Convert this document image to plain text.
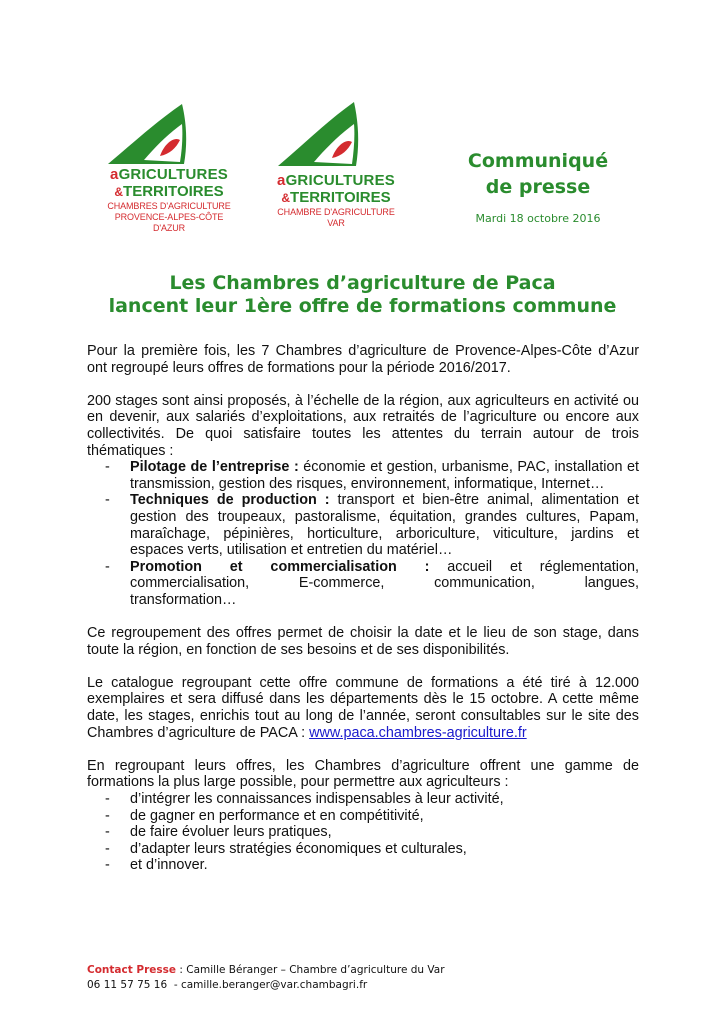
aGRICULTURES
&TERRITOIRES
CHAMBRES D'AGRICULTURE
PROVENCE-ALPES-CÔTE D'AZUR
aGRICULTURES
&TERRITOIRES
CHAMBRE D'AGRICULTURE
VAR
Communiqué
de presse
Mardi 18 octobre 2016
Les Chambres d’agriculture de Paca
lancent leur 1ère offre de formations commune

Pour la première fois, les 7 Chambres d’agriculture de Provence-Alpes-Côte d’Azur ont regroupé leurs offres de formations pour la période 2016/2017.

200 stages sont ainsi proposés, à l’échelle de la région, aux agriculteurs en activité ou en devenir, aux salariés d’exploitations, aux retraités de l’agriculture ou encore aux collectivités. De quoi satisfaire toutes les attentes du terrain autour de trois thématiques :

- Pilotage de l’entreprise : économie et gestion, urbanisme, PAC, installation et transmission, gestion des risques, environnement, informatique, Internet…
- Techniques de production : transport et bien-être animal, alimentation et gestion des troupeaux, pastoralisme, équitation, grandes cultures, Papam, maraîchage, pépinières, horticulture, arboriculture, viticulture, jardins et espaces verts, utilisation et entretien du matériel…
- Promotion et commercialisation : accueil et réglementation, commercialisation, E-commerce, communication, langues, transformation…

Ce regroupement des offres permet de choisir la date et le lieu de son stage, dans toute la région, en fonction de ses besoins et de ses disponibilités.

Le catalogue regroupant cette offre commune de formations a été tiré à 12.000 exemplaires et sera diffusé dans les départements dès le 15 octobre. A cette même date, les stages, enrichis tout au long de l’année, seront consultables sur le site des Chambres d’agriculture de PACA : www.paca.chambres-agriculture.fr

En regroupant leurs offres, les Chambres d’agriculture offrent une gamme de formations la plus large possible, pour permettre aux agriculteurs :

- d’intégrer les connaissances indispensables à leur activité,
- de gagner en performance et en compétitivité,
- de faire évoluer leurs pratiques,
- d’adapter leurs stratégies économiques et culturales,
- et d’innover.
Contact Presse : Camille Béranger – Chambre d’agriculture du Var
06 11 57 75 16  - camille.beranger@var.chambagri.fr
